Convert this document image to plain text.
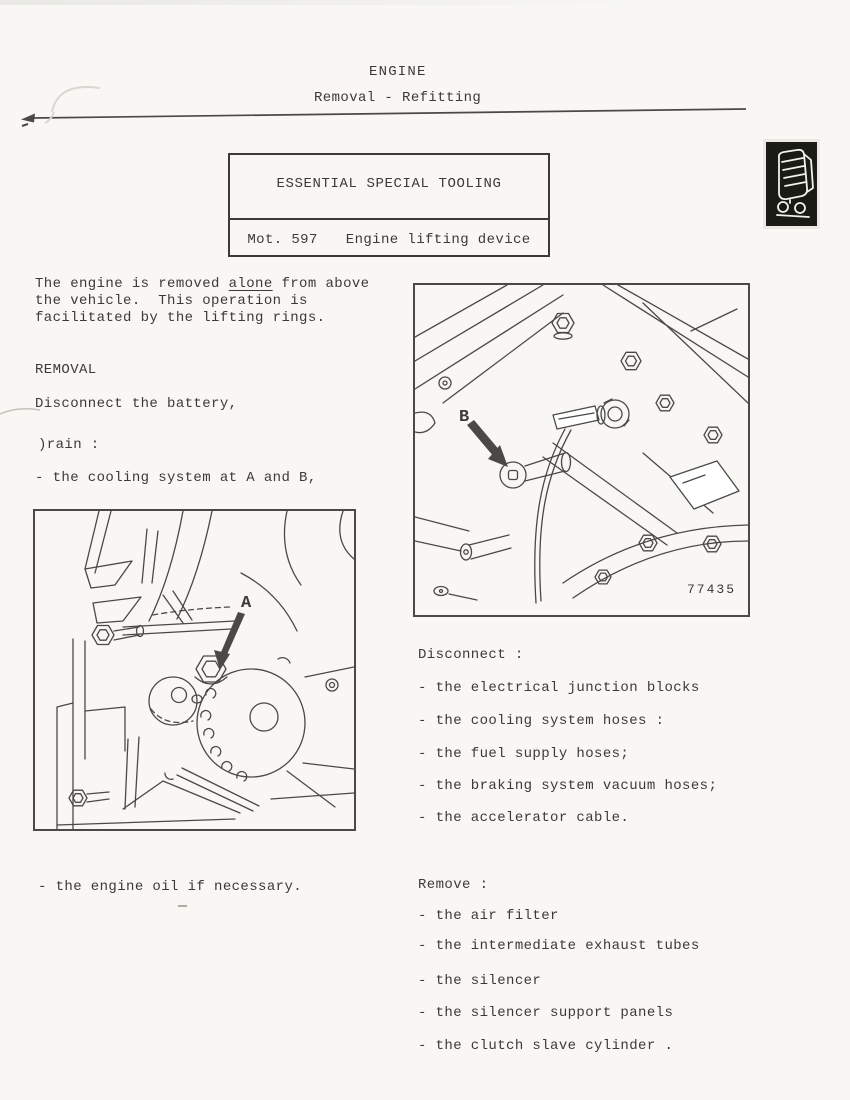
ENGINE
Removal - Refitting
ESSENTIAL SPECIAL TOOLING
Mot. 597 Engine lifting device
The engine is removed alone from above
the vehicle.  This operation is
facilitated by the lifting rings.
REMOVAL
Disconnect the battery,
)rain :
- the cooling system at A and B,
A
- the engine oil if necessary.
B
77435
Disconnect :
- the electrical junction blocks
- the cooling system hoses :
- the fuel supply hoses;
- the braking system vacuum hoses;
- the accelerator cable.
Remove :
- the air filter
- the intermediate exhaust tubes
- the silencer
- the silencer support panels
- the clutch slave cylinder .
